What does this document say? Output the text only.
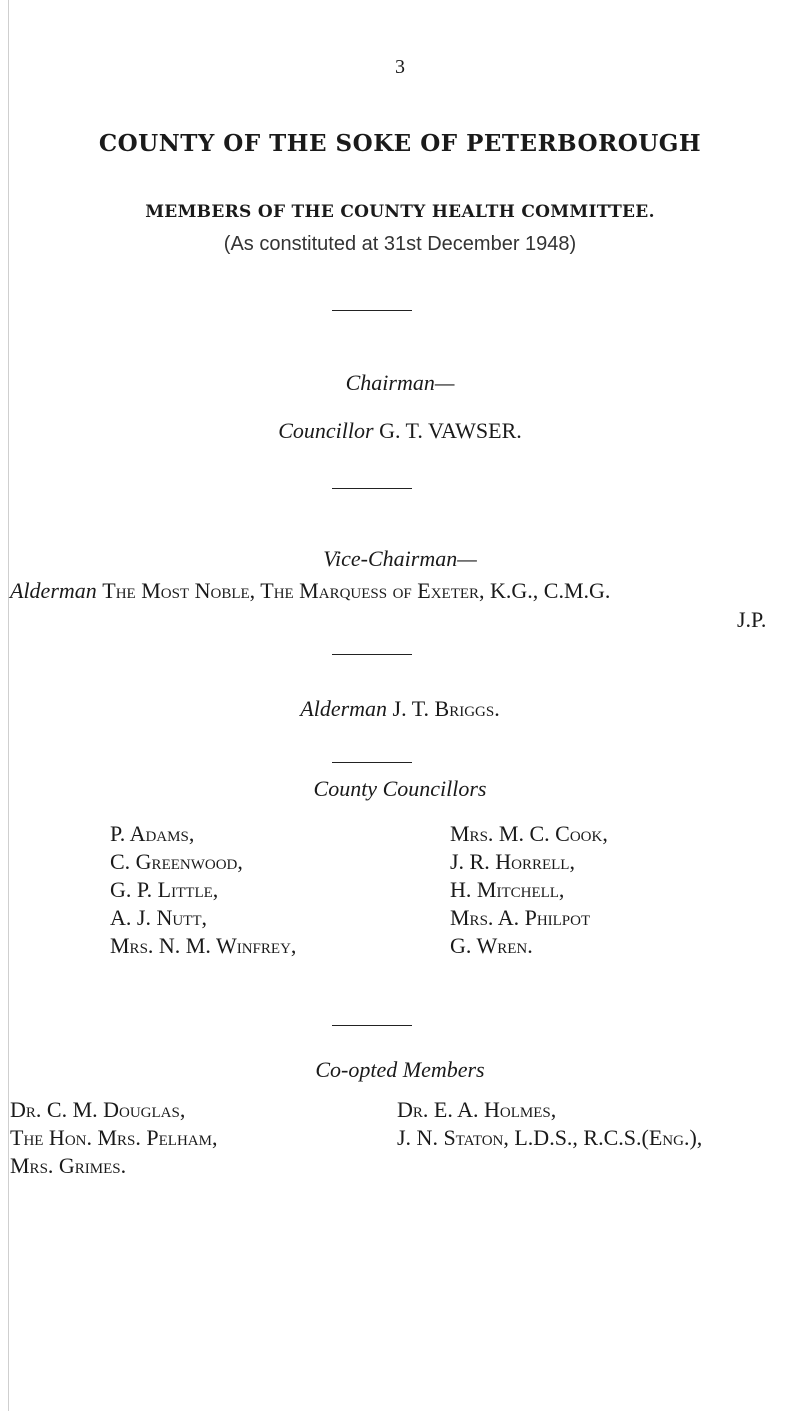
3
COUNTY OF THE SOKE OF PETERBOROUGH
MEMBERS OF THE COUNTY HEALTH COMMITTEE.
(As constituted at 31st December 1948)
Chairman—
Councillor G. T. VAWSER.
Vice-Chairman—
Alderman The Most Noble, The Marquess of Exeter, K.G., C.M.G.
J.P.
Alderman J. T. Briggs.
County Councillors
P. Adams,
C. Greenwood,
G. P. Little,
A. J. Nutt,
Mrs. N. M. Winfrey,
Mrs. M. C. Cook,
J. R. Horrell,
H. Mitchell,
Mrs. A. Philpot
G. Wren.
Co-opted Members
Dr. C. M. Douglas,
The Hon. Mrs. Pelham,
Mrs. Grimes.
Dr. E. A. Holmes,
J. N. Staton, L.D.S., R.C.S.(Eng.),
